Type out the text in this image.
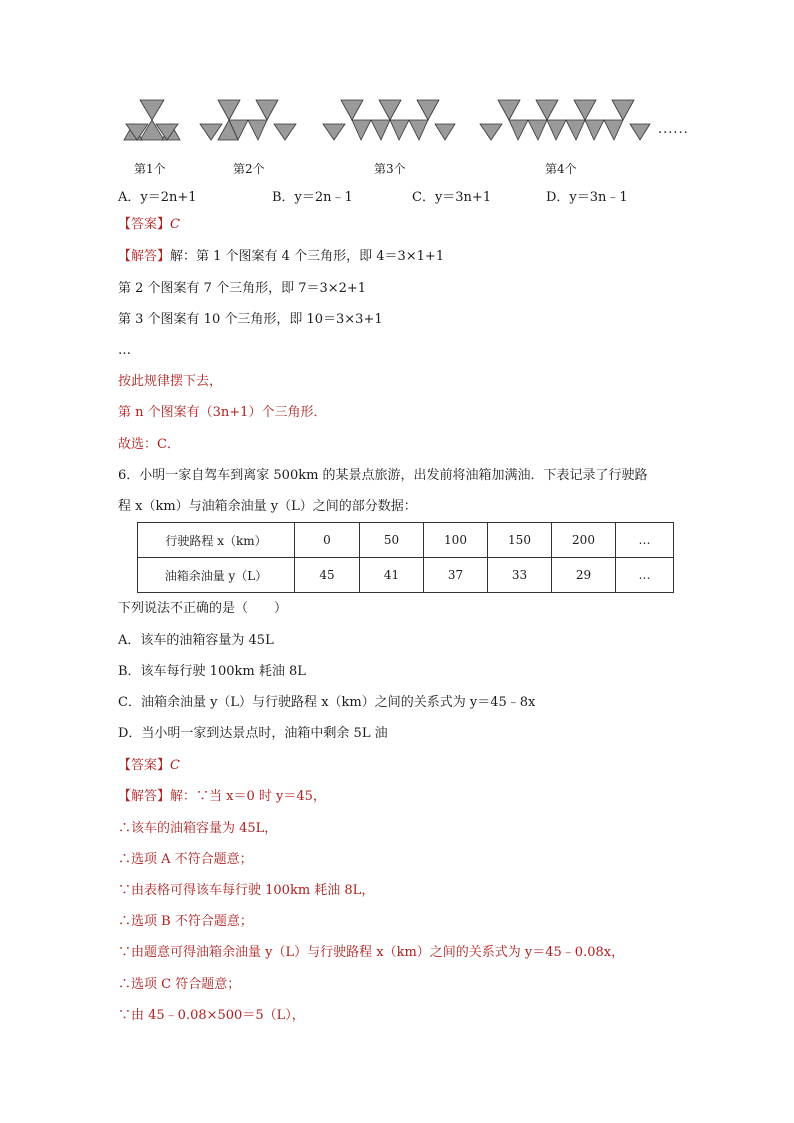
......
第1个	第2个	第3个	第4个
A．y＝2n+1	B．y＝2n﹣1	C．y＝3n+1	D．y＝3n﹣1
【答案】C
【解答】解：第 1 个图案有 4 个三角形，即 4＝3×1+1
第 2 个图案有 7 个三角形，即 7＝3×2+1
第 3 个图案有 10 个三角形，即 10＝3×3+1
…
按此规律摆下去，
第 n 个图案有（3n+1）个三角形．
故选：C．
6．小明一家自驾车到离家 500km 的某景点旅游，出发前将油箱加满油．下表记录了行驶路
程 x（km）与油箱余油量 y（L）之间的部分数据：
行驶路程 x（km）	0	50	100	150	200	…
油箱余油量 y（L）	45	41	37	33	29	…
下列说法不正确的是（　　）
A．该车的油箱容量为 45L
B．该车每行驶 100km 耗油 8L
C．油箱余油量 y（L）与行驶路程 x（km）之间的关系式为 y＝45﹣8x
D．当小明一家到达景点时，油箱中剩余 5L 油
【答案】C
【解答】解：∵当 x＝0 时 y＝45，
∴该车的油箱容量为 45L，
∴选项 A 不符合题意；
∵由表格可得该车每行驶 100km 耗油 8L，
∴选项 B 不符合题意；
∵由题意可得油箱余油量 y（L）与行驶路程 x（km）之间的关系式为 y＝45﹣0.08x，
∴选项 C 符合题意；
∵由 45﹣0.08×500＝5（L），
